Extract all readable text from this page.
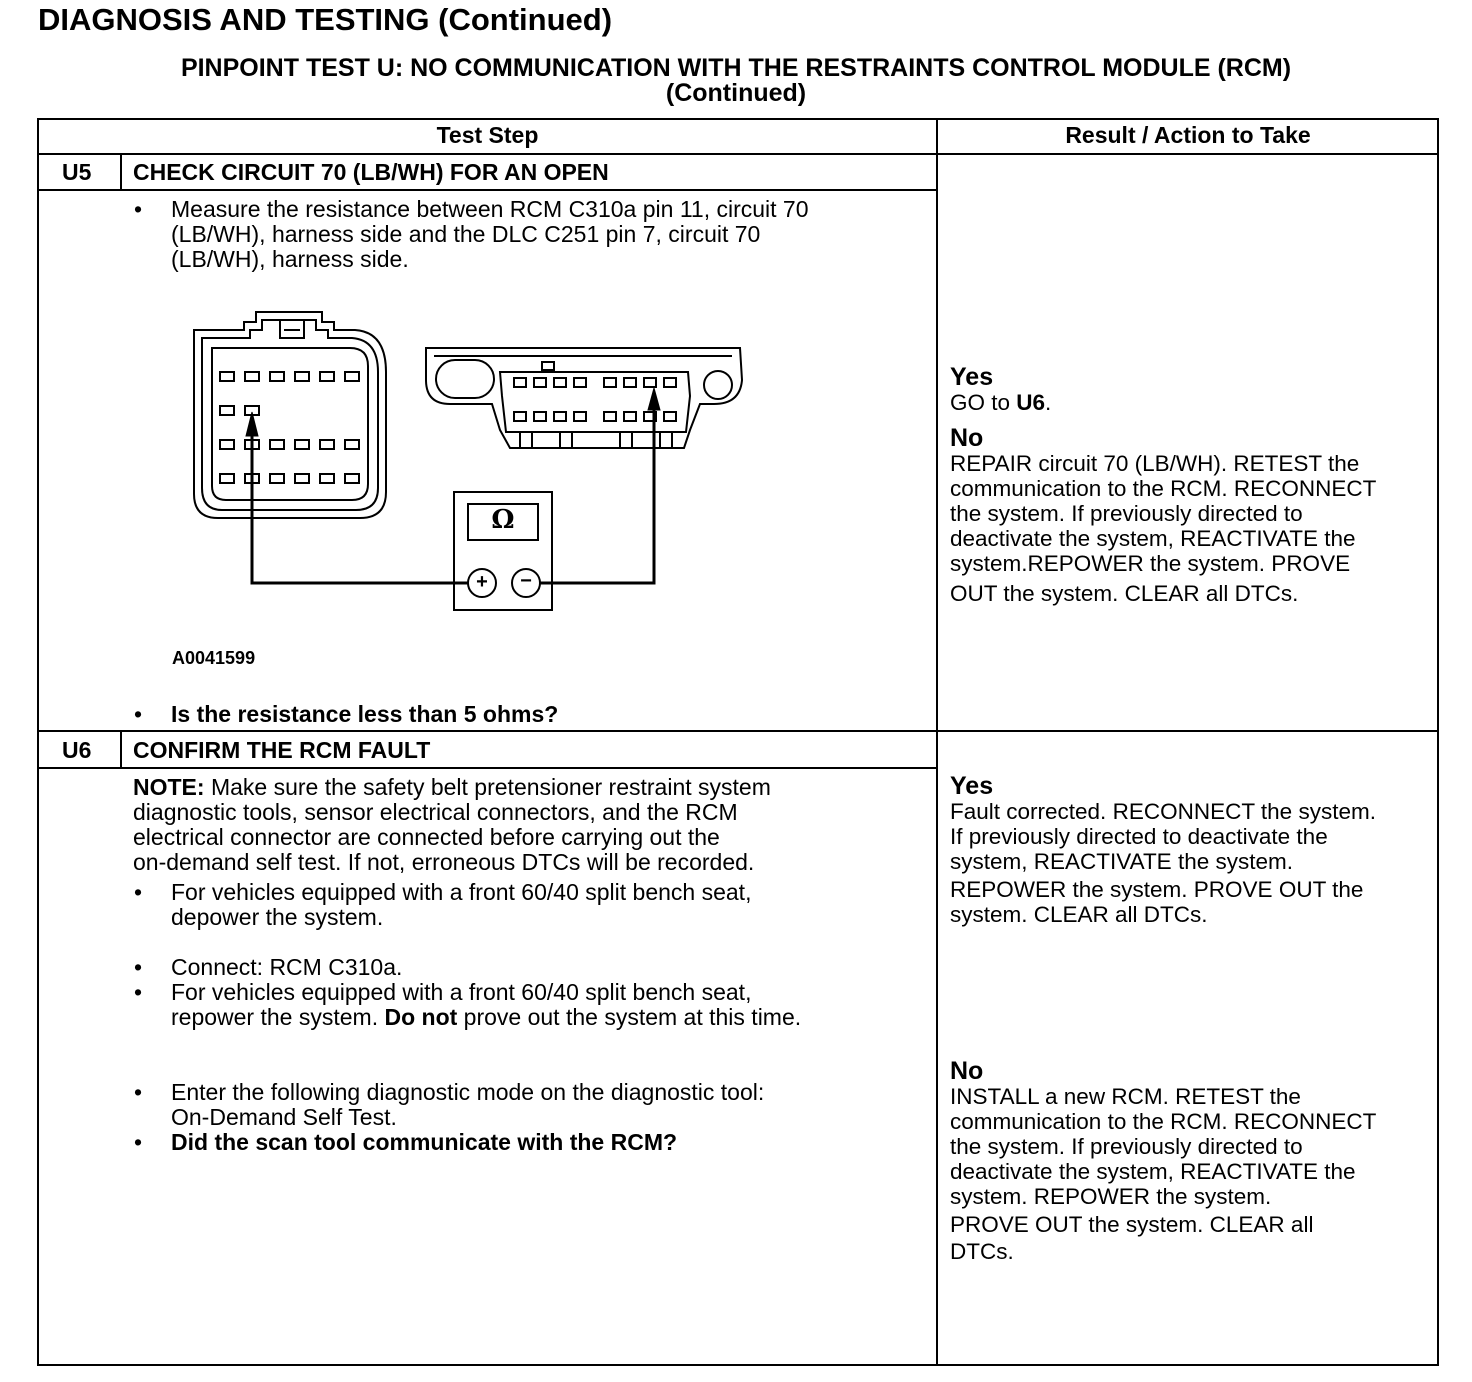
DIAGNOSIS AND TESTING (Continued)
PINPOINT TEST U: NO COMMUNICATION WITH THE RESTRAINTS CONTROL MODULE (RCM)
(Continued)
Test Step	Result / Action to Take
U5 CHECK CIRCUIT 70 (LB/WH) FOR AN OPEN
• Measure the resistance between RCM C310a pin 11, circuit 70
(LB/WH), harness side and the DLC C251 pin 7, circuit 70
(LB/WH), harness side.
Ω
+	−
A0041599
• Is the resistance less than 5 ohms?
Yes
GO to U6.
No
REPAIR circuit 70 (LB/WH). RETEST the
communication to the RCM. RECONNECT
the system. If previously directed to
deactivate the system, REACTIVATE the
system.REPOWER the system. PROVE
OUT the system. CLEAR all DTCs.
U6 CONFIRM THE RCM FAULT
NOTE: Make sure the safety belt pretensioner restraint system
diagnostic tools, sensor electrical connectors, and the RCM
electrical connector are connected before carrying out the
on-demand self test. If not, erroneous DTCs will be recorded.
• For vehicles equipped with a front 60/40 split bench seat,
depower the system.
• Connect: RCM C310a.
• For vehicles equipped with a front 60/40 split bench seat,
repower the system. Do not prove out the system at this time.
• Enter the following diagnostic mode on the diagnostic tool:
On-Demand Self Test.
• Did the scan tool communicate with the RCM?
Yes
Fault corrected. RECONNECT the system.
If previously directed to deactivate the
system, REACTIVATE the system.
REPOWER the system. PROVE OUT the
system. CLEAR all DTCs.
No
INSTALL a new RCM. RETEST the
communication to the RCM. RECONNECT
the system. If previously directed to
deactivate the system, REACTIVATE the
system. REPOWER the system.
PROVE OUT the system. CLEAR all
DTCs.
